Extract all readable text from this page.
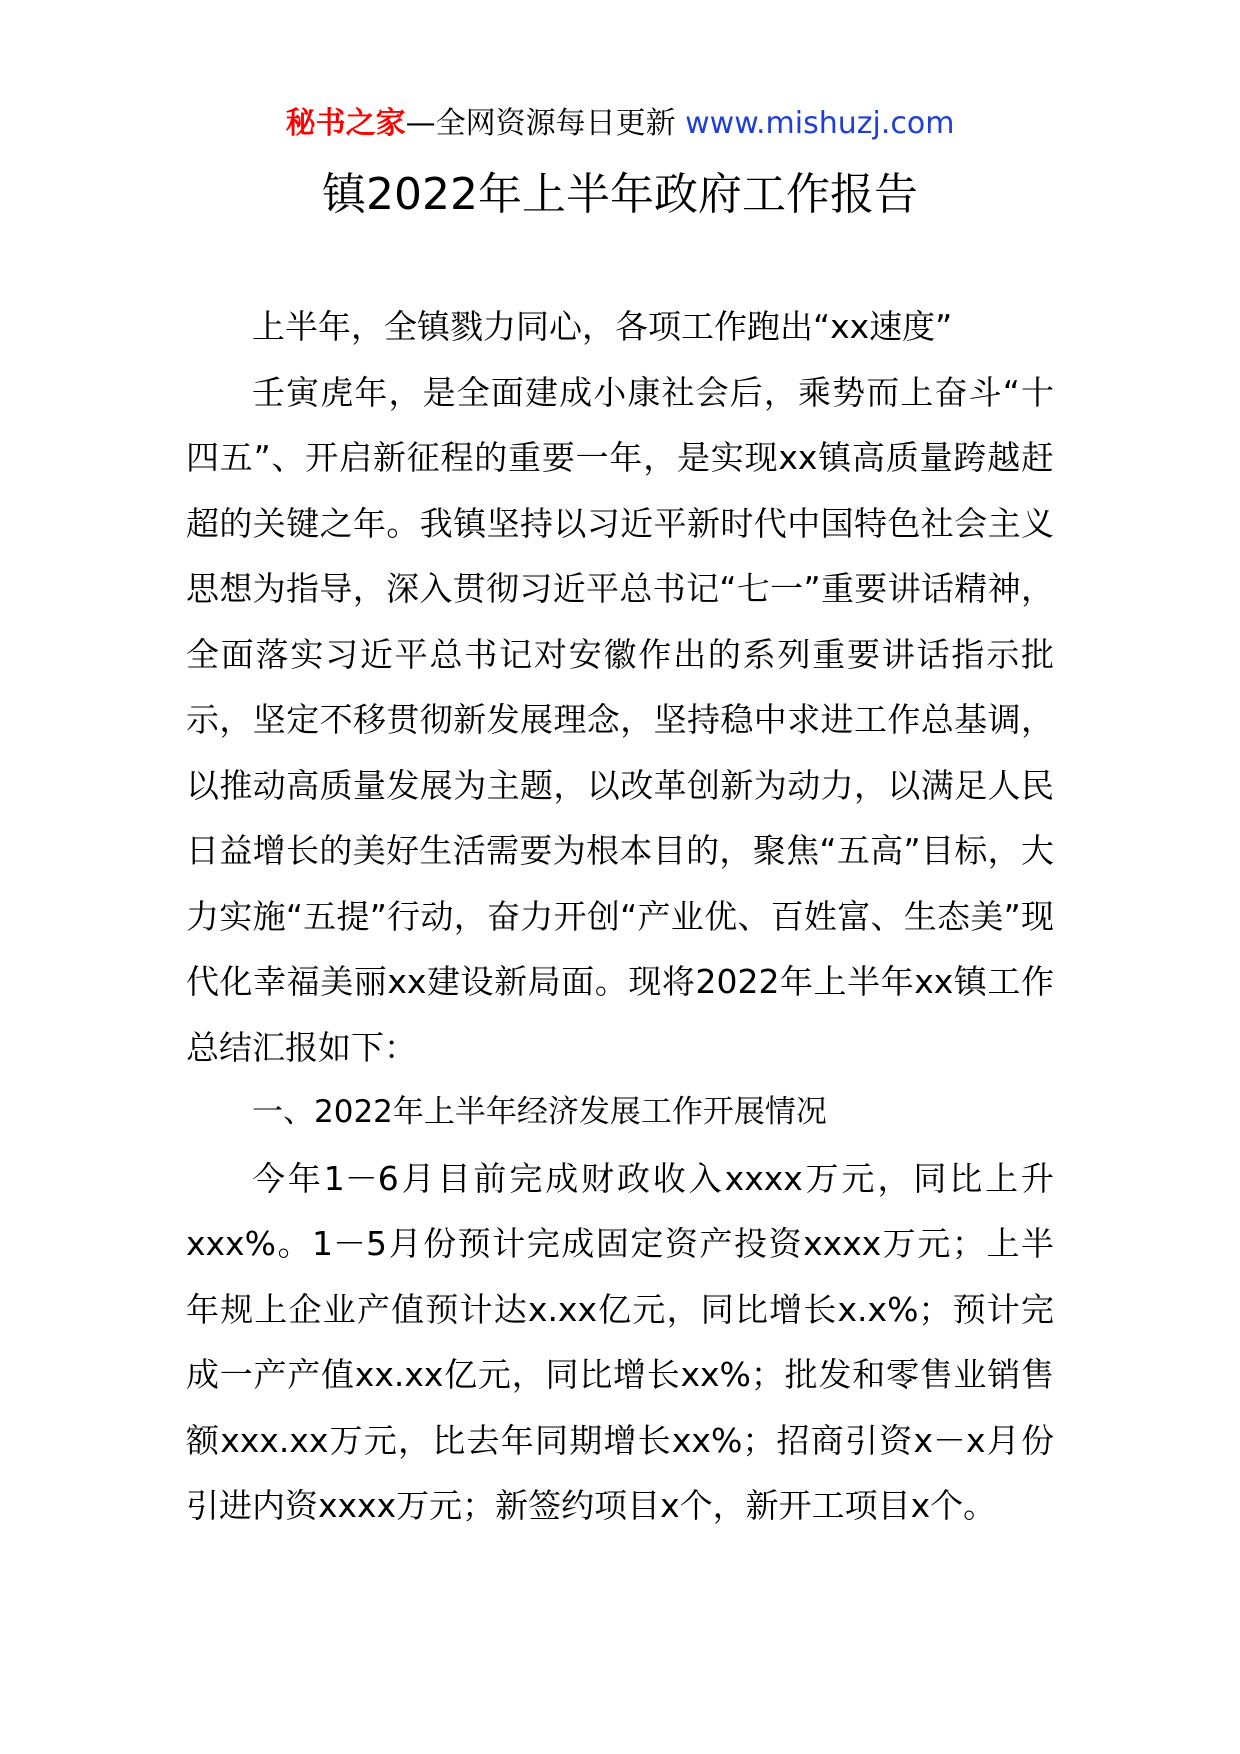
秘书之家—全网资源每日更新 www.mishuzj.com
镇2022年上半年政府工作报告

上半年，全镇戮力同心，各项工作跑出“xx速度”

壬寅虎年，是全面建成小康社会后，乘势而上奋斗“十四五”、开启新征程的重要一年，是实现xx镇高质量跨越赶超的关键之年。我镇坚持以习近平新时代中国特色社会主义思想为指导，深入贯彻习近平总书记“七一”重要讲话精神，全面落实习近平总书记对安徽作出的系列重要讲话指示批示，坚定不移贯彻新发展理念，坚持稳中求进工作总基调，以推动高质量发展为主题，以改革创新为动力，以满足人民日益增长的美好生活需要为根本目的，聚焦“五高”目标，大力实施“五提”行动，奋力开创“产业优、百姓富、生态美”现代化幸福美丽xx建设新局面。现将2022年上半年xx镇工作总结汇报如下：

一、2022年上半年经济发展工作开展情况

今年1－6月目前完成财政收入xxxx万元，同比上升xxx%。1－5月份预计完成固定资产投资xxxx万元；上半年规上企业产值预计达x.xx亿元，同比增长x.x%；预计完成一产产值xx.xx亿元，同比增长xx%；批发和零售业销售额xxx.xx万元，比去年同期增长xx%；招商引资x－x月份引进内资xxxx万元；新签约项目x个，新开工项目x个。
